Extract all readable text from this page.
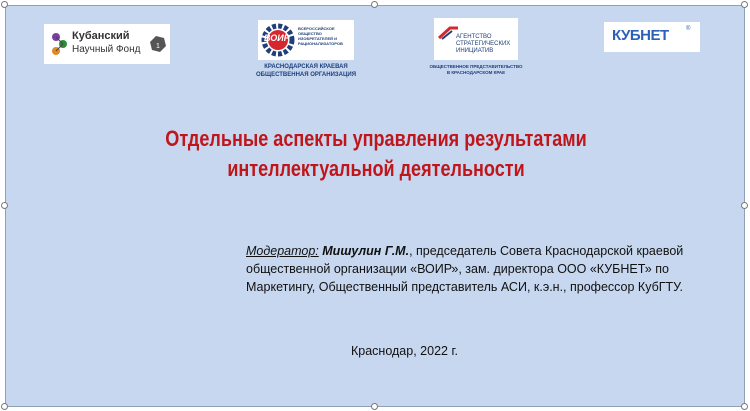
Кубанский
Научный Фонд 1
ВОИР
ВСЕРОССИЙСКОЕ ОБЩЕСТВО ИЗОБРЕТАТЕЛЕЙ И РАЦИОНАЛИЗАТОРОВ
КРАСНОДАРСКАЯ КРАЕВАЯ
ОБЩЕСТВЕННАЯ ОРГАНИЗАЦИЯ
АГЕНТСТВО
СТРАТЕГИЧЕСКИХ
ИНИЦИАТИВ
ОБЩЕСТВЕННОЕ ПРЕДСТАВИТЕЛЬСТВО
В КРАСНОДАРСКОМ КРАЕ
КУБНЕТ	®
Отдельные аспекты управления результатами
интеллектуальной деятельности
Модератор: Мишулин Г.М., председатель Совета Краснодарской краевой общественной организации «ВОИР», зам. директора ООО «КУБНЕТ» по Маркетингу, Общественный представитель АСИ, к.э.н., профессор КубГТУ.
Краснодар, 2022 г.
